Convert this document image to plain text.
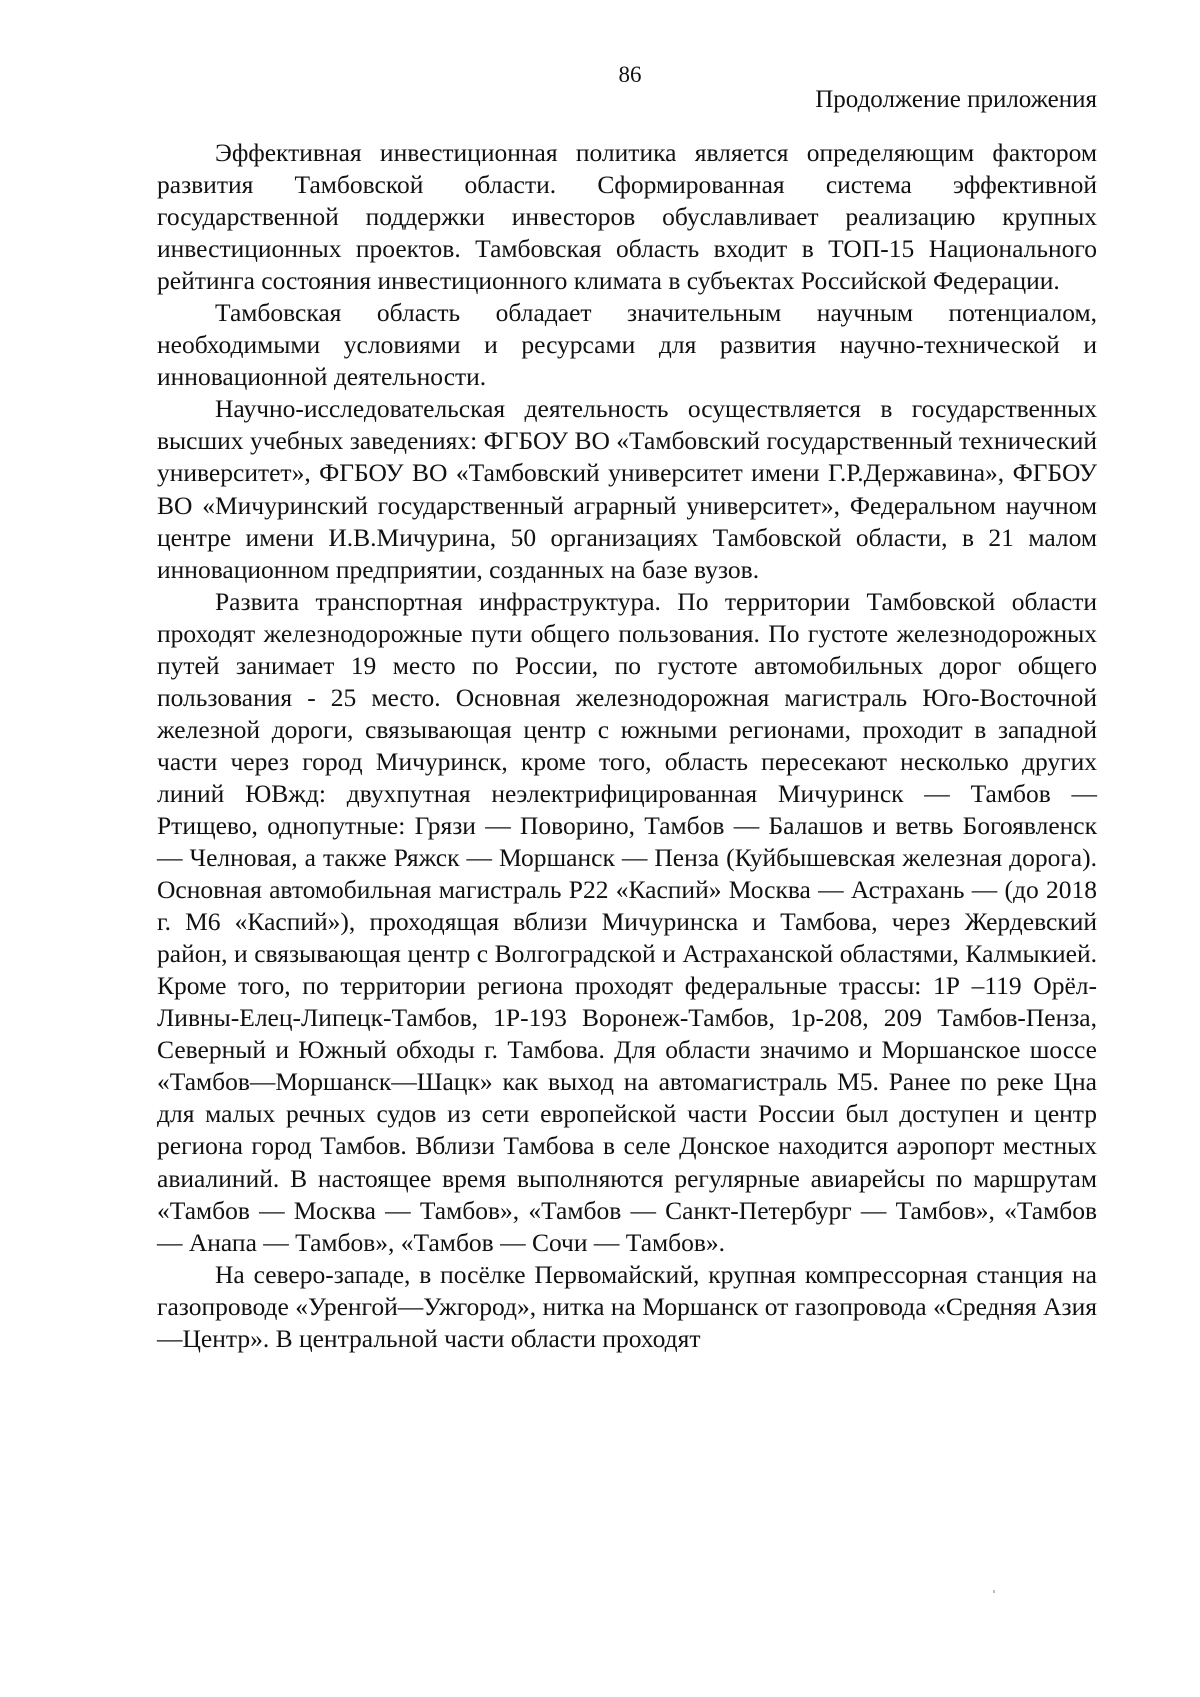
86
Продолжение приложения

Эффективная инвестиционная политика является определяющим фактором развития Тамбовской области. Сформированная система эффективной государственной поддержки инвесторов обуславливает реализацию крупных инвестиционных проектов. Тамбовская область входит в ТОП-15 Национального рейтинга состояния инвестиционного климата в субъектах Российской Федерации.

Тамбовская область обладает значительным научным потенциалом, необходимыми условиями и ресурсами для развития научно-технической и инновационной деятельности.

Научно-исследовательская деятельность осуществляется в государственных высших учебных заведениях: ФГБОУ ВО «Тамбовский государственный технический университет», ФГБОУ ВО «Тамбовский университет имени Г.Р.Державина», ФГБОУ ВО «Мичуринский государственный аграрный университет», Федеральном научном центре имени И.В.Мичурина, 50 организациях Тамбовской области, в 21 малом инновационном предприятии, созданных на базе вузов.

Развита транспортная инфраструктура. По территории Тамбовской области проходят железнодорожные пути общего пользования. По густоте железнодорожных путей занимает 19 место по России, по густоте автомобильных дорог общего пользования - 25 место. Основная железнодорожная магистраль Юго-Восточной железной дороги, связывающая центр с южными регионами, проходит в западной части через город Мичуринск, кроме того, область пересекают несколько других линий ЮВжд: двухпутная неэлектрифицированная Мичуринск — Тамбов — Ртищево, однопутные: Грязи — Поворино, Тамбов — Балашов и ветвь Богоявленск — Челновая, а также Ряжск — Моршанск — Пенза (Куйбышевская железная дорога). Основная автомобильная магистраль Р22 «Каспий» Москва — Астрахань — (до 2018 г. М6 «Каспий»), проходящая вблизи Мичуринска и Тамбова, через Жердевский район, и связывающая центр с Волгоградской и Астраханской областями, Калмыкией. Кроме того, по территории региона проходят федеральные трассы: 1Р –119 Орёл-Ливны-Елец-Липецк-Тамбов, 1Р-193 Воронеж-Тамбов, 1р-208, 209 Тамбов-Пенза, Северный и Южный обходы г. Тамбова. Для области значимо и Моршанское шоссе «Тамбов—Моршанск—Шацк» как выход на автомагистраль М5. Ранее по реке Цна для малых речных судов из сети европейской части России был доступен и центр региона город Тамбов. Вблизи Тамбова в селе Донское находится аэропорт местных авиалиний. В настоящее время выполняются регулярные авиарейсы по маршрутам «Тамбов — Москва — Тамбов», «Тамбов — Санкт-Петербург — Тамбов», «Тамбов — Анапа — Тамбов», «Тамбов — Сочи — Тамбов».

На северо-западе, в посёлке Первомайский, крупная компрессорная станция на газопроводе «Уренгой—Ужгород», нитка на Моршанск от газопровода «Средняя Азия—Центр». В центральной части области проходят
